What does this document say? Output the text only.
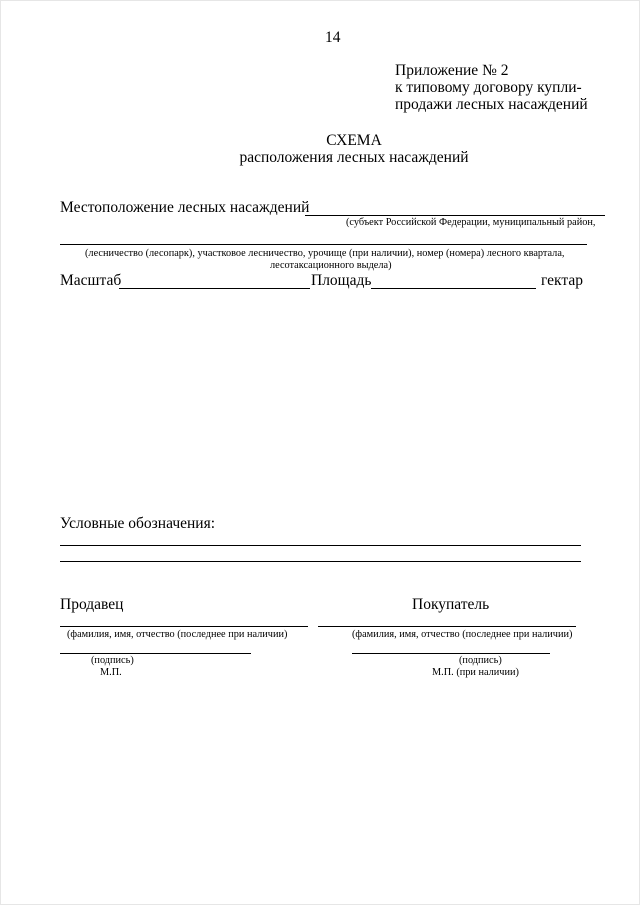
14
Приложение № 2
к типовому договору купли-
продажи лесных насаждений
СХЕМА
расположения лесных насаждений
Местоположение лесных насаждений
(субъект Российской Федерации, муниципальный район,
(лесничество (лесопарк), участковое лесничество, урочище (при наличии), номер (номера) лесного квартала,
лесотаксационного выдела)
Масштаб	Площадь	гектар
Условные обозначения:
Продавец
(фамилия, имя, отчество (последнее при наличии)
(подпись)
М.П.
Покупатель
(фамилия, имя, отчество (последнее при наличии)
(подпись)
М.П. (при наличии)
